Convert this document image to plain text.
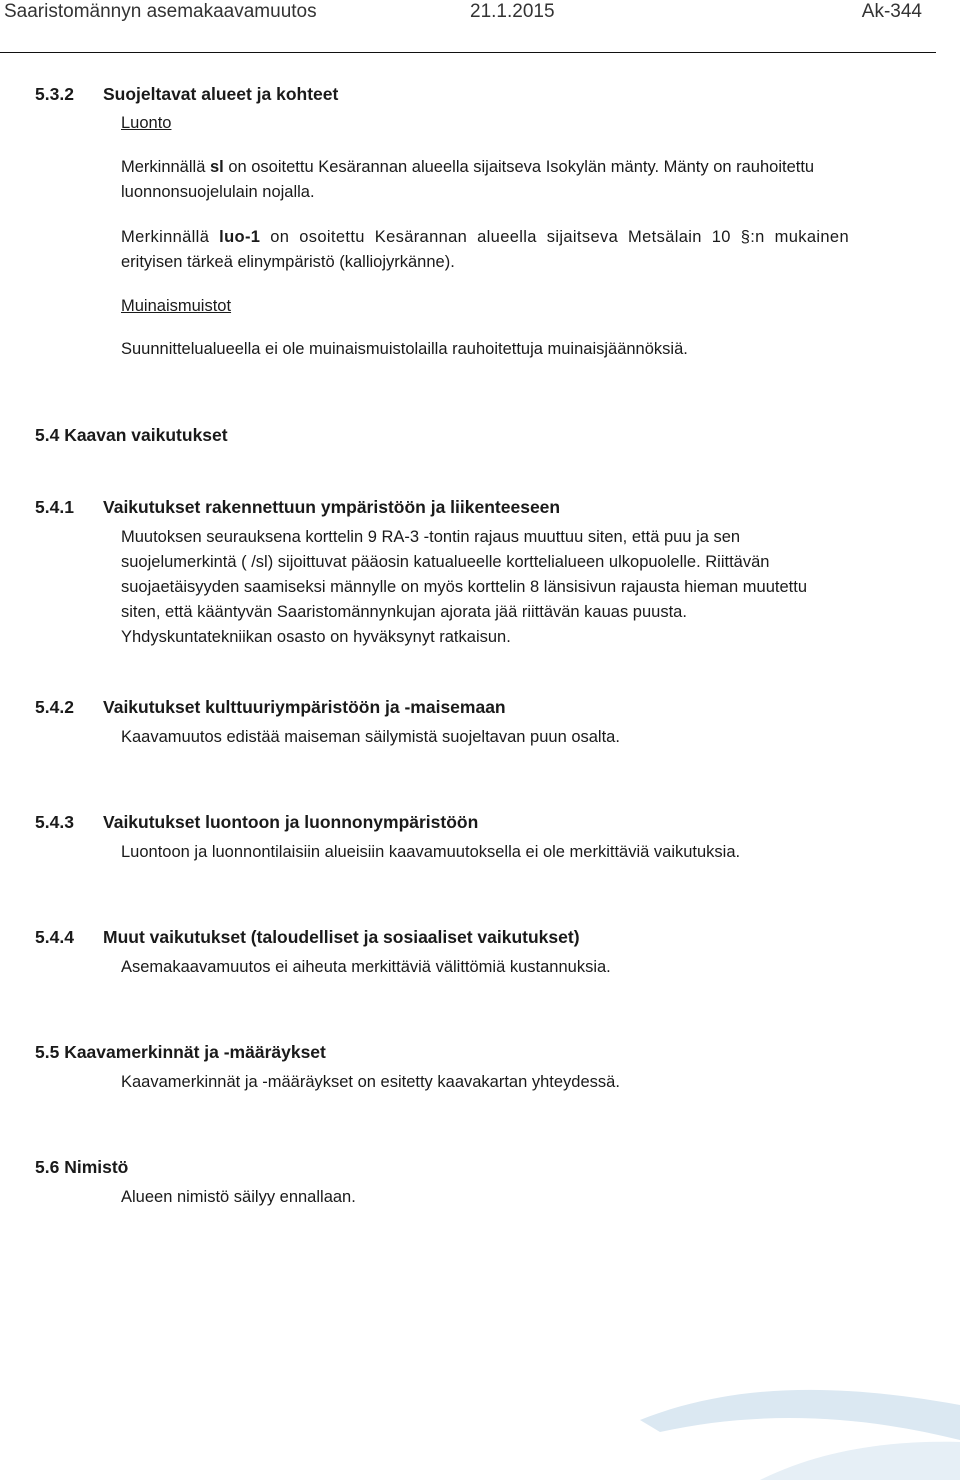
Saaristomännyn asemakaavamuutos	21.1.2015	Ak-344
5.3.2 Suojeltavat alueet ja kohteet
Luonto
Merkinnällä sl on osoitettu Kesärannan alueella sijaitseva Isokylän mänty. Mänty on rauhoitettu
luonnonsuojelulain nojalla.
Merkinnällä luo-1 on osoitettu Kesärannan alueella sijaitseva Metsälain 10 §:n mukainen
erityisen tärkeä elinympäristö (kalliojyrkänne).
Muinaismuistot
Suunnittelualueella ei ole muinaismuistolailla rauhoitettuja muinaisjäännöksiä.
5.4 Kaavan vaikutukset
5.4.1 Vaikutukset rakennettuun ympäristöön ja liikenteeseen
Muutoksen seurauksena korttelin 9 RA-3 -tontin rajaus muuttuu siten, että puu ja sen
suojelumerkintä ( /sl) sijoittuvat pääosin katualueelle korttelialueen ulkopuolelle. Riittävän
suojaetäisyyden saamiseksi männylle on myös korttelin 8 länsisivun rajausta hieman muutettu
siten, että kääntyvän Saaristomännynkujan ajorata jää riittävän kauas puusta.
Yhdyskuntatekniikan osasto on hyväksynyt ratkaisun.
5.4.2 Vaikutukset kulttuuriympäristöön ja -maisemaan
Kaavamuutos edistää maiseman säilymistä suojeltavan puun osalta.
5.4.3 Vaikutukset luontoon ja luonnonympäristöön
Luontoon ja luonnontilaisiin alueisiin kaavamuutoksella ei ole merkittäviä vaikutuksia.
5.4.4 Muut vaikutukset (taloudelliset ja sosiaaliset vaikutukset)
Asemakaavamuutos ei aiheuta merkittäviä välittömiä kustannuksia.
5.5 Kaavamerkinnät ja -määräykset
Kaavamerkinnät ja -määräykset on esitetty kaavakartan yhteydessä.
5.6 Nimistö
Alueen nimistö säilyy ennallaan.
